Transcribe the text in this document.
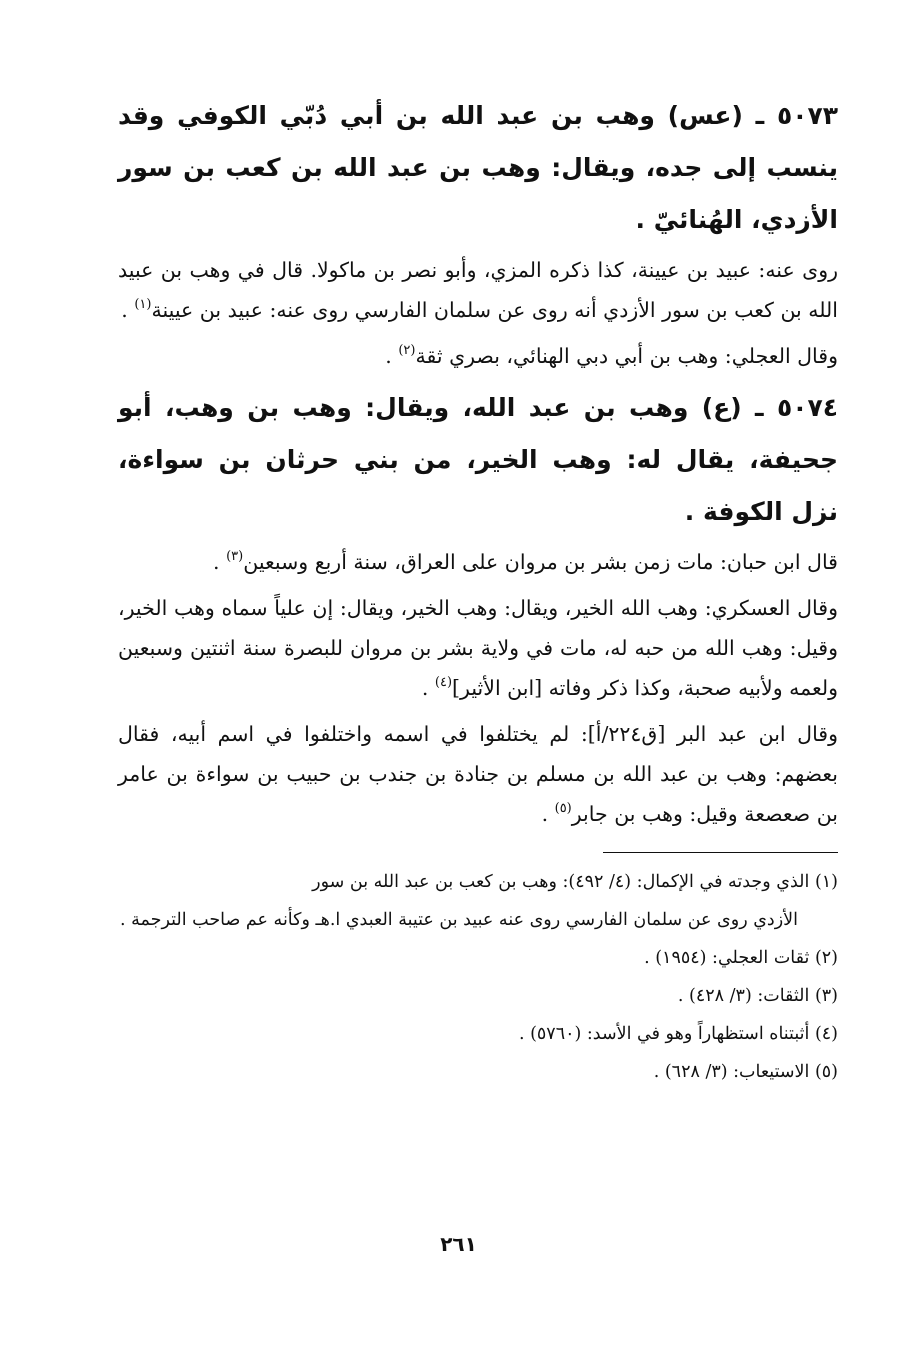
٥٠٧٣ ـ (عس) وهب بن عبد الله بن أبي دُبّي الكوفي وقد ينسب إلى جده، ويقال: وهب بن عبد الله بن كعب بن سور الأزدي، الهُنائيّ .

روى عنه: عبيد بن عيينة، كذا ذكره المزي، وأبو نصر بن ماكولا. قال في وهب بن عبيد الله بن كعب بن سور الأزدي أنه روى عن سلمان الفارسي روى عنه: عبيد بن عيينة$^{(١)}$ .

وقال العجلي: وهب بن أبي دبي الهنائي، بصري ثقة$^{(٢)}$ .

٥٠٧٤ ـ (ع) وهب بن عبد الله، ويقال: وهب بن وهب، أبو جحيفة، يقال له: وهب الخير، من بني حرثان بن سواءة، نزل الكوفة .

قال ابن حبان: مات زمن بشر بن مروان على العراق، سنة أربع وسبعين$^{(٣)}$ .

وقال العسكري: وهب الله الخير، ويقال: وهب الخير، ويقال: إن علياً سماه وهب الخير، وقيل: وهب الله من حبه له، مات في ولاية بشر بن مروان للبصرة سنة اثنتين وسبعين ولعمه ولأبيه صحبة، وكذا ذكر وفاته [ابن الأثير]$^{(٤)}$ .

وقال ابن عبد البر [ق٢٢٤/أ]: لم يختلفوا في اسمه واختلفوا في اسم أبيه، فقال بعضهم: وهب بن عبد الله بن مسلم بن جنادة بن جندب بن حبيب بن سواءة بن عامر بن صعصعة وقيل: وهب بن جابر$^{(٥)}$ .

(١) الذي وجدته في الإكمال: (٤/ ٤٩٢): وهب بن كعب بن عبد الله بن سور
الأزدي روى عن سلمان الفارسي روى عنه عبيد بن عتيبة العبدي ا.هـ وكأنه عم صاحب الترجمة .

(٢) ثقات العجلي: (١٩٥٤) .

(٣) الثقات: (٣/ ٤٢٨) .

(٤) أثبتناه استظهاراً وهو في الأسد: (٥٧٦٠) .

(٥) الاستيعاب: (٣/ ٦٢٨) .

٢٦١
